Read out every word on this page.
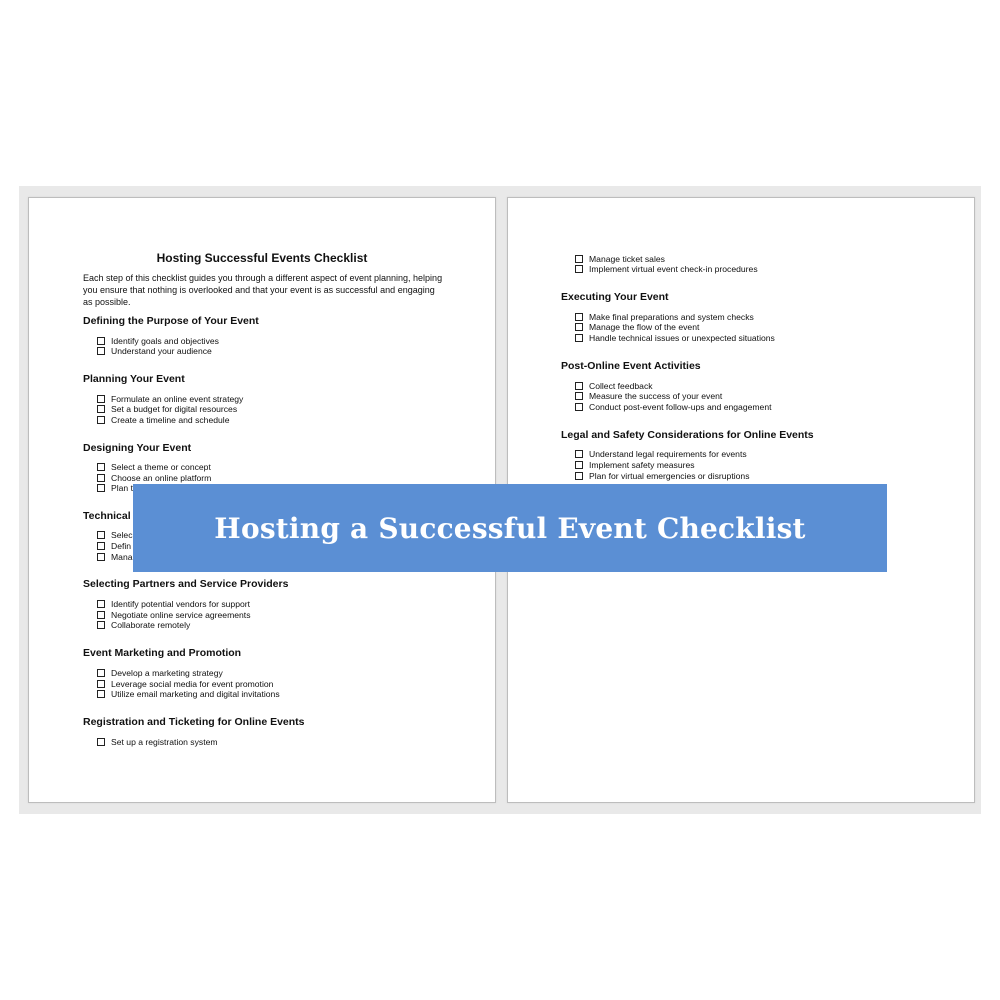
Hosting Successful Events Checklist

Each step of this checklist guides you through a different aspect of event planning, helping you ensure that nothing is overlooked and that your event is as successful and engaging as possible.

Defining the Purpose of Your Event
Identify goals and objectives
Understand your audience
Planning Your Event
Formulate an online event strategy
Set a budget for digital resources
Create a timeline and schedule
Designing Your Event
Select a theme or concept
Choose an online platform
Plan t
Technical
Selec
Defin
Mana
Selecting Partners and Service Providers
Identify potential vendors for support
Negotiate online service agreements
Collaborate remotely
Event Marketing and Promotion
Develop a marketing strategy
Leverage social media for event promotion
Utilize email marketing and digital invitations
Registration and Ticketing for Online Events
Set up a registration system
Manage ticket sales
Implement virtual event check-in procedures
Executing Your Event
Make final preparations and system checks
Manage the flow of the event
Handle technical issues or unexpected situations
Post-Online Event Activities
Collect feedback
Measure the success of your event
Conduct post-event follow-ups and engagement
Legal and Safety Considerations for Online Events
Understand legal requirements for events
Implement safety measures
Plan for virtual emergencies or disruptions
Hosting a Successful Event Checklist
